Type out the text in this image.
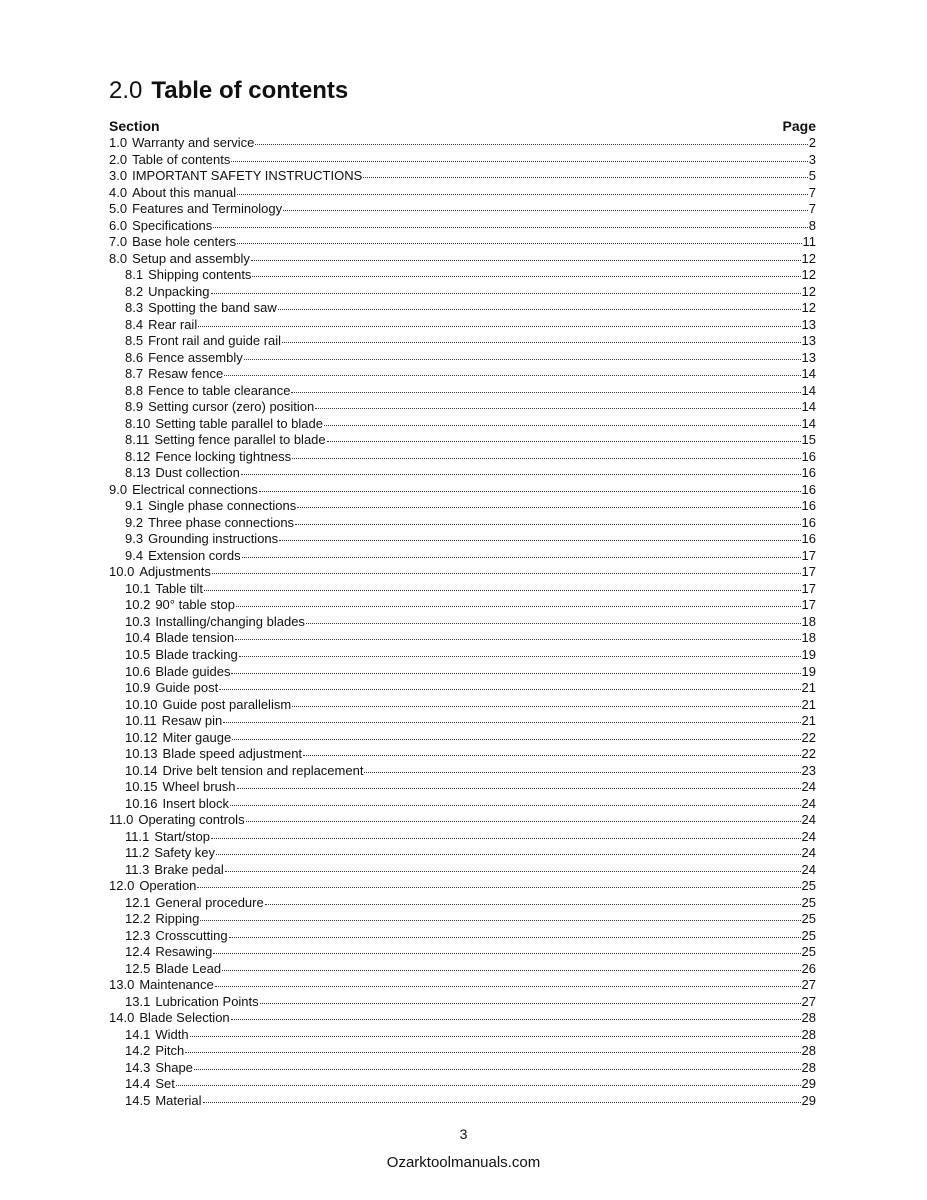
2.0 Table of contents
Section	Page
1.0 Warranty and service	2
2.0 Table of contents	3
3.0 IMPORTANT SAFETY INSTRUCTIONS	5
4.0 About this manual	7
5.0 Features and Terminology	7
6.0 Specifications	8
7.0 Base hole centers	11
8.0 Setup and assembly	12
8.1 Shipping contents	12
8.2 Unpacking	12
8.3 Spotting the band saw	12
8.4 Rear rail	13
8.5 Front rail and guide rail	13
8.6 Fence assembly	13
8.7 Resaw fence	14
8.8 Fence to table clearance	14
8.9 Setting cursor (zero) position	14
8.10 Setting table parallel to blade	14
8.11 Setting fence parallel to blade	15
8.12 Fence locking tightness	16
8.13 Dust collection	16
9.0 Electrical connections	16
9.1 Single phase connections	16
9.2 Three phase connections	16
9.3 Grounding instructions	16
9.4 Extension cords	17
10.0 Adjustments	17
10.1 Table tilt	17
10.2 90° table stop	17
10.3 Installing/changing blades	18
10.4 Blade tension	18
10.5 Blade tracking	19
10.6 Blade guides	19
10.9 Guide post	21
10.10 Guide post parallelism	21
10.11 Resaw pin	21
10.12 Miter gauge	22
10.13 Blade speed adjustment	22
10.14 Drive belt tension and replacement	23
10.15 Wheel brush	24
10.16 Insert block	24
11.0 Operating controls	24
11.1 Start/stop	24
11.2 Safety key	24
11.3 Brake pedal	24
12.0 Operation	25
12.1 General procedure	25
12.2 Ripping	25
12.3 Crosscutting	25
12.4 Resawing	25
12.5 Blade Lead	26
13.0 Maintenance	27
13.1 Lubrication Points	27
14.0 Blade Selection	28
14.1 Width	28
14.2 Pitch	28
14.3 Shape	28
14.4 Set	29
14.5 Material	29
3
Ozarktoolmanuals.com
